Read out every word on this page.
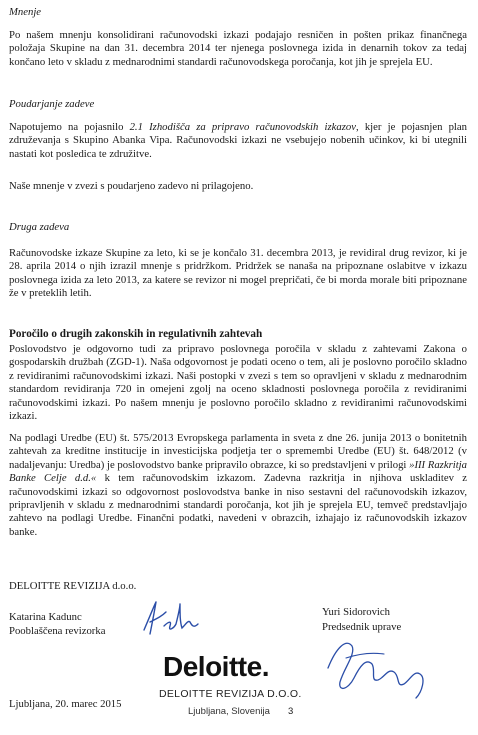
Mnenje

Po našem mnenju konsolidirani računovodski izkazi podajajo resničen in pošten prikaz finančnega položaja Skupine na dan 31. decembra 2014 ter njenega poslovnega izida in denarnih tokov za tedaj končano leto v skladu z mednarodnimi standardi računovodskega poročanja, kot jih je sprejela EU.

Poudarjanje zadeve

Napotujemo na pojasnilo 2.1 Izhodišča za pripravo računovodskih izkazov, kjer je pojasnjen plan združevanja s Skupino Abanka Vipa. Računovodski izkazi ne vsebujejo nobenih učinkov, ki bi utegnili nastati kot posledica te združitve.

Naše mnenje v zvezi s poudarjeno zadevo ni prilagojeno.

Druga zadeva

Računovodske izkaze Skupine za leto, ki se je končalo 31. decembra 2013, je revidiral drug revizor, ki je 28. aprila 2014 o njih izrazil mnenje s pridržkom. Pridržek se nanaša na pripoznane oslabitve v izkazu poslovnega izida za leto 2013, za katere se revizor ni mogel prepričati, če bi morda morale biti pripoznane že v preteklih letih.

Poročilo o drugih zakonskih in regulativnih zahtevah

Poslovodstvo je odgovorno tudi za pripravo poslovnega poročila v skladu z zahtevami Zakona o gospodarskih družbah (ZGD-1). Naša odgovornost je podati oceno o tem, ali je poslovno poročilo skladno z revidiranimi računovodskimi izkazi. Naši postopki v zvezi s tem so opravljeni v skladu z mednarodnim standardom revidiranja 720 in omejeni zgolj na oceno skladnosti poslovnega poročila z revidiranimi računovodskimi izkazi. Po našem mnenju je poslovno poročilo skladno z revidiranimi računovodskimi izkazi.

Na podlagi Uredbe (EU) št. 575/2013 Evropskega parlamenta in sveta z dne 26. junija 2013 o bonitetnih zahtevah za kreditne institucije in investicijska podjetja ter o spremembi Uredbe (EU) št. 648/2012 (v nadaljevanju: Uredba) je poslovodstvo banke pripravilo obrazce, ki so predstavljeni v prilogi »III Razkritja Banke Celje d.d.« k tem računovodskim izkazom. Zadevna razkritja in njihova uskladitev z računovodskimi izkazi so odgovornost poslovodstva banke in niso sestavni del računovodskih izkazov, pripravljenih v skladu z mednarodnimi standardi poročanja, kot jih je sprejela EU, temveč predstavljajo zahtevo na podlagi Uredbe. Finančni podatki, navedeni v obrazcih, izhajajo iz računovodskih izkazov banke.

DELOITTE REVIZIJA d.o.o.

Katarina Kadunc

Pooblaščena revizorka

Yuri Sidorovich

Predsednik uprave

Deloitte.

Ljubljana, 20. marec 2015

DELOITTE REVIZIJA D.O.O.
Ljubljana, Slovenija 3
